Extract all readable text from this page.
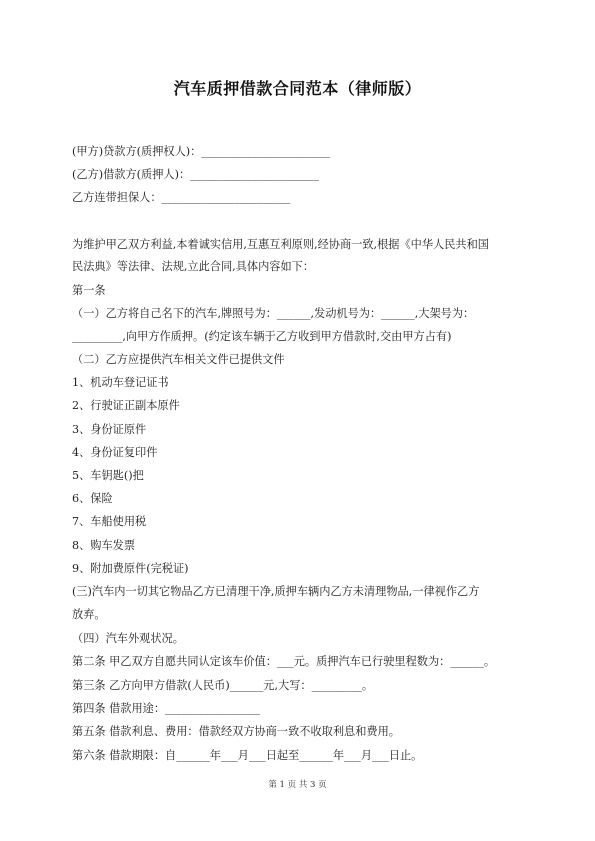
汽车质押借款合同范本（律师版）
(甲方)贷款方(质押权人)：_______________________
(乙方)借款方(质押人)：_______________________
乙方连带担保人：_______________________
为维护甲乙双方利益,本着诚实信用,互惠互利原则,经协商一致,根据《中华人民共和国
民法典》等法律、法规,立此合同,具体内容如下：
第一条
（一）乙方将自己名下的汽车,牌照号为：______,发动机号为：______,大架号为：
_________,向甲方作质押。(约定该车辆于乙方收到甲方借款时,交由甲方占有)
（二）乙方应提供汽车相关文件已提供文件
1、机动车登记证书
2、行驶证正副本原件
3、身份证原件
4、身份证复印件
5、车钥匙()把
6、保险
7、车船使用税
8、购车发票
9、附加费原件(完税证)
(三)汽车内一切其它物品乙方已清理干净,质押车辆内乙方未清理物品,一律视作乙方
放弃。
（四）汽车外观状况。
第二条 甲乙双方自愿共同认定该车价值：___元。质押汽车已行驶里程数为：______。
第三条 乙方向甲方借款(人民币)______元,大写：_________。
第四条 借款用途：_________________
第五条 借款利息、费用：借款经双方协商一致不收取利息和费用。
第六条 借款期限：自______年___月___日起至______年___月___日止。
第 1 页 共 3 页
